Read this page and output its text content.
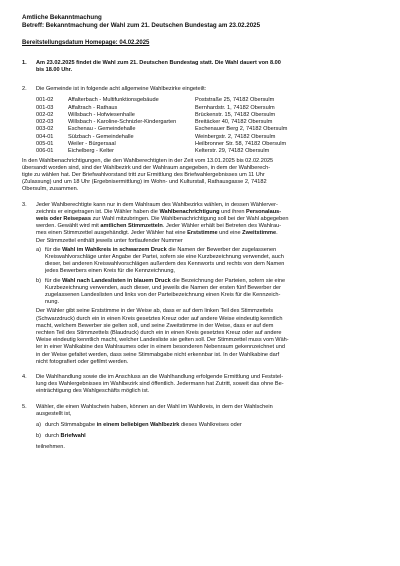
Amtliche Bekanntmachung
Betreff: Bekanntmachung der Wahl zum 21. Deutschen Bundestag am 23.02.2025
Bereitstellungsdatum Homepage: 04.02.2025
1. Am 23.02.2025 findet die Wahl zum 21. Deutschen Bundestag statt. Die Wahl dauert von 8.00

bis 18.00 Uhr.

2. Die Gemeinde ist in folgende acht allgemeine Wahlbezirke eingeteilt:

001-02	Affalterbach - Multifunktionsgebäude	Poststraße 25, 74182 Obersulm
001-03	Affaltrach - Rathaus	Bernhardstr. 1, 74182 Obersulm
002-02	Willsbach - Hofwiesenhalle	Brückenstr. 15, 74182 Obersulm
002-03	Willsbach - Karoline-Schnizler-Kindergarten	Breitäcker 40, 74182 Obersulm
003-02	Eschenau - Gemeindehalle	Eschenauer Berg 2, 74182 Obersulm
004-01	Sülzbach - Gemeindehalle	Weinbergstr. 2, 74182 Obersulm
005-01	Weiler - Bürgersaal	Heilbronner Str. 58, 74182 Obersulm
006-01	Eichelberg - Kelter	Kelterstr. 29, 74182 Obersulm

In den Wahlbenachrichtigungen, die den Wahlberechtigten in der Zeit vom 13.01.2025 bis 02.02.2025

übersandt worden sind, sind der Wahlbezirk und der Wahlraum angegeben, in dem der Wahlberech-

tigte zu wählen hat. Der Briefwahlvorstand tritt zur Ermittlung des Briefwahlergebnisses um 11 Uhr

(Zulassung) und um 18 Uhr (Ergebnisermittlung) im Wohn- und Kulturstall, Rathausgasse 2, 74182

Obersulm, zusammen.

3. Jeder Wahlberechtigte kann nur in dem Wahlraum des Wahlbezirks wählen, in dessen Wählerver-

zeichnis er eingetragen ist. Die Wähler haben die Wahlbenachrichtigung und ihren Personalaus-

weis oder Reisepass zur Wahl mitzubringen. Die Wahlbenachrichtigung soll bei der Wahl abgegeben

werden. Gewählt wird mit amtlichen Stimmzetteln. Jeder Wähler erhält bei Betreten des Wahlrau-

mes einen Stimmzettel ausgehändigt. Jeder Wähler hat eine Erststimme und eine Zweitstimme.

Der Stimmzettel enthält jeweils unter fortlaufender Nummer

a) für die Wahl im Wahlkreis in schwarzem Druck die Namen der Bewerber der zugelassenen

Kreiswahlvorschläge unter Angabe der Partei, sofern sie eine Kurzbezeichnung verwendet, auch

dieser, bei anderen Kreiswahlvorschlägen außerdem des Kennworts und rechts von dem Namen

jedes Bewerbers einen Kreis für die Kennzeichnung,

b) für die Wahl nach Landeslisten in blauem Druck die Bezeichnung der Parteien, sofern sie eine

Kurzbezeichnung verwenden, auch dieser, und jeweils die Namen der ersten fünf Bewerber der

zugelassenen Landeslisten und links von der Parteibezeichnung einen Kreis für die Kennzeich-

nung.

Der Wähler gibt seine Erststimme in der Weise ab, dass er auf dem linken Teil des Stimmzettels

(Schwarzdruck) durch ein in einen Kreis gesetztes Kreuz oder auf andere Weise eindeutig kenntlich

macht, welchem Bewerber sie gelten soll, und seine Zweitstimme in der Weise, dass er auf dem

rechten Teil des Stimmzettels (Blaudruck) durch ein in einen Kreis gesetztes Kreuz oder auf andere

Weise eindeutig kenntlich macht, welcher Landesliste sie gelten soll. Der Stimmzettel muss vom Wäh-

ler in einer Wahlkabine des Wahlraumes oder in einem besonderen Nebenraum gekennzeichnet und

in der Weise gefaltet werden, dass seine Stimmabgabe nicht erkennbar ist. In der Wahlkabine darf

nicht fotografiert oder gefilmt werden.

4. Die Wahlhandlung sowie die im Anschluss an die Wahlhandlung erfolgende Ermittlung und Feststel-

lung des Wahlergebnisses im Wahlbezirk sind öffentlich. Jedermann hat Zutritt, soweit das ohne Be-

einträchtigung des Wahlgeschäfts möglich ist.

5. Wähler, die einen Wahlschein haben, können an der Wahl im Wahlkreis, in dem der Wahlschein

ausgestellt ist,

a) durch Stimmabgabe in einem beliebigen Wahlbezirk dieses Wahlkreises oder

b) durch Briefwahl

teilnehmen.
